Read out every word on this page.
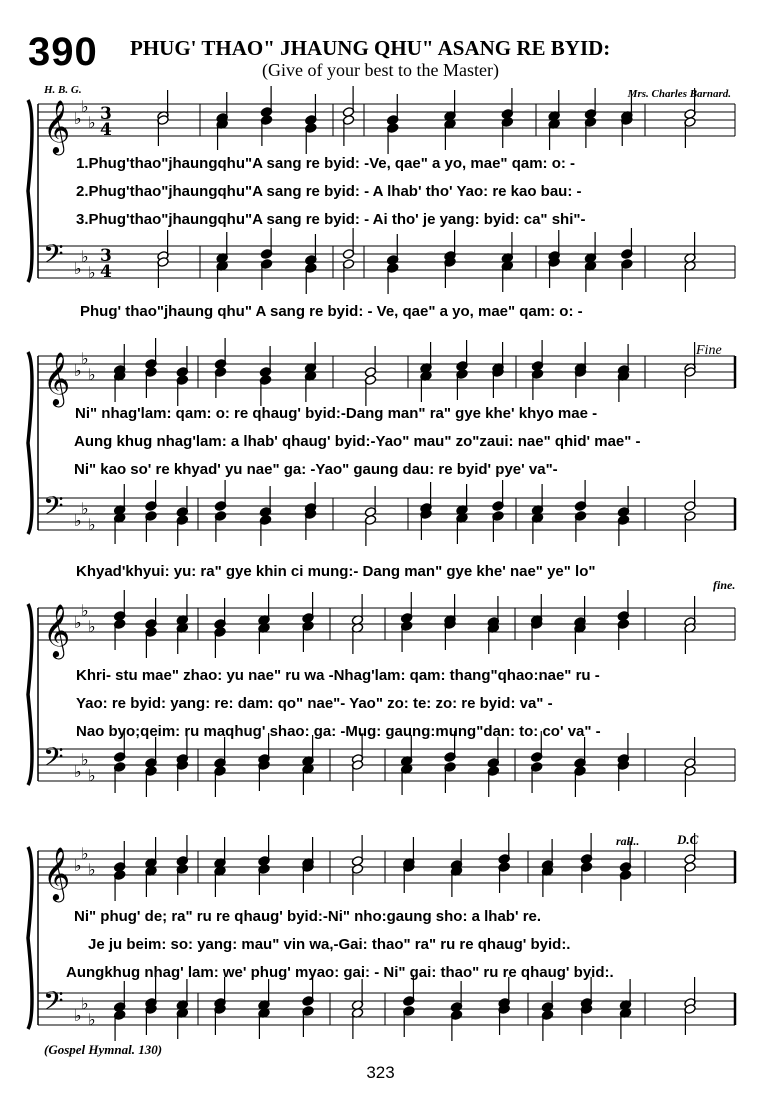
390 PHUG' THAO" JHAUNG QHU" ASANG RE BYID:
(Give of your best to the Master)
H. B. G.	Mrs. Charles Barnard.
𝄞
𝄢
♭
♭
♭
♭
♭
♭
3
3
4
4
𝄞
𝄢
♭
♭
♭
♭
♭
♭
𝄞
𝄢
♭
♭
♭
♭
♭
♭
𝄞
𝄢
♭
♭
♭
♭
♭
♭
1.Phug'thao"jhaungqhu"A sang re byid: -Ve, qae" a yo, mae" qam: o: -
2.Phug'thao"jhaungqhu"A sang re byid: - A lhab' tho' Yao: re kao bau: -
3.Phug'thao"jhaungqhu"A sang re byid: - Ai tho' je yang: byid: ca" shi"-
Phug' thao"jhaung qhu" A sang re byid: - Ve, qae" a yo, mae" qam: o: -
Ni" nhag'lam: qam: o: re qhaug' byid:-Dang man" ra" gye khe' khyo mae -
Aung khug nhag'lam: a lhab' qhaug' byid:-Yao" mau" zo"zaui: nae" qhid' mae" -
Ni" kao so' re khyad' yu nae" ga: -Yao" gaung dau: re byid' pye' va"-
Khyad'khyui: yu: ra" gye khin ci mung:- Dang man" gye khe' nae" ye" lo"
Khri- stu mae" zhao: yu nae" ru wa -Nhag'lam: qam: thang"qhao:nae" ru -
Yao: re byid: yang: re: dam: qo" nae"- Yao" zo: te: zo: re byid: va" -
Nao byo;qeim: ru maqhug' shao: ga: -Mug: gaung:mung"dan: to: co' va" -
Ni" phug' de; ra" ru re qhaug' byid:-Ni" nho:gaung sho: a lhab' re.
Je ju beim: so: yang: mau" vin wa,-Gai: thao" ra" ru re qhaug' byid:.
Aungkhug nhag' lam: we' phug' myao: gai: - Ni" gai: thao" ru re qhaug' byid:.
Fine
fine.
rall..	D.C
(Gospel Hymnal. 130)
323
